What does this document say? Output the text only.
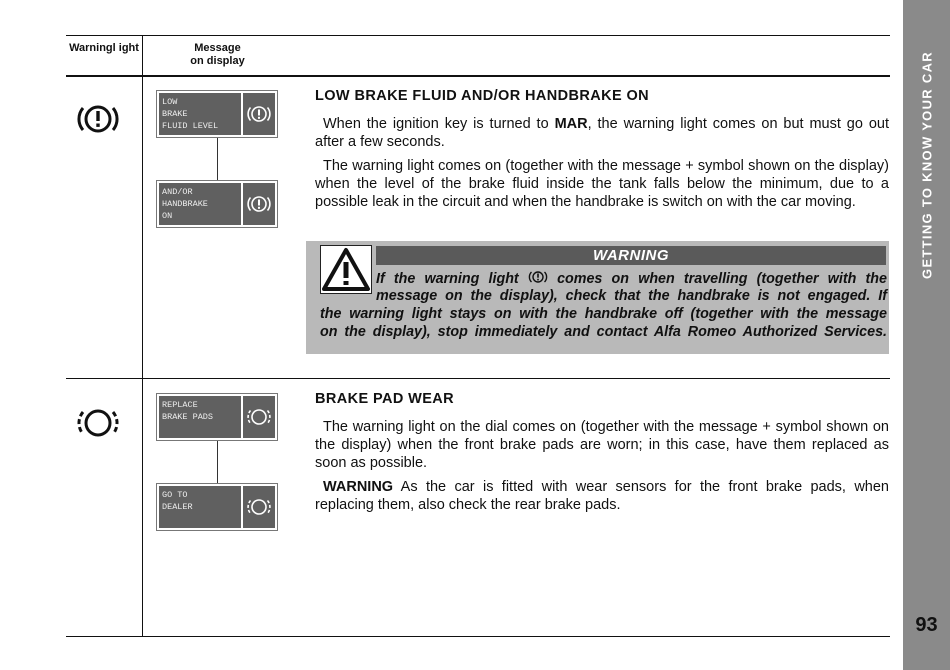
Warningl ight	Message
on display	GETTING TO KNOW YOUR CAR
93
LOW
BRAKE
FLUID LEVEL
AND/OR
HANDBRAKE
ON
LOW BRAKE FLUID AND/OR HANDBRAKE ON

When the ignition key is turned to MAR, the warning light comes on but must go out after a few seconds.

The warning light comes on (together with the message + symbol shown on the display) when the level of the brake fluid inside the tank falls below the minimum, due to a possible leak in the circuit and when the handbrake is switch on with the car moving.

WARNING
If the warning light	comes on when travelling (together with the
message on the display), check that the handbrake is not engaged. If
the warning light stays on with the handbrake off (together with the message
on the display), stop immediately and contact Alfa Romeo Authorized Services.
REPLACE
BRAKE PADS
GO TO
DEALER
BRAKE PAD WEAR

The warning light on the dial comes on (together with the message + symbol shown on the display) when the front brake pads are worn; in this case, have them replaced as soon as possible.

WARNING As the car is fitted with wear sensors for the front brake pads, when replacing them, also check the rear brake pads.
